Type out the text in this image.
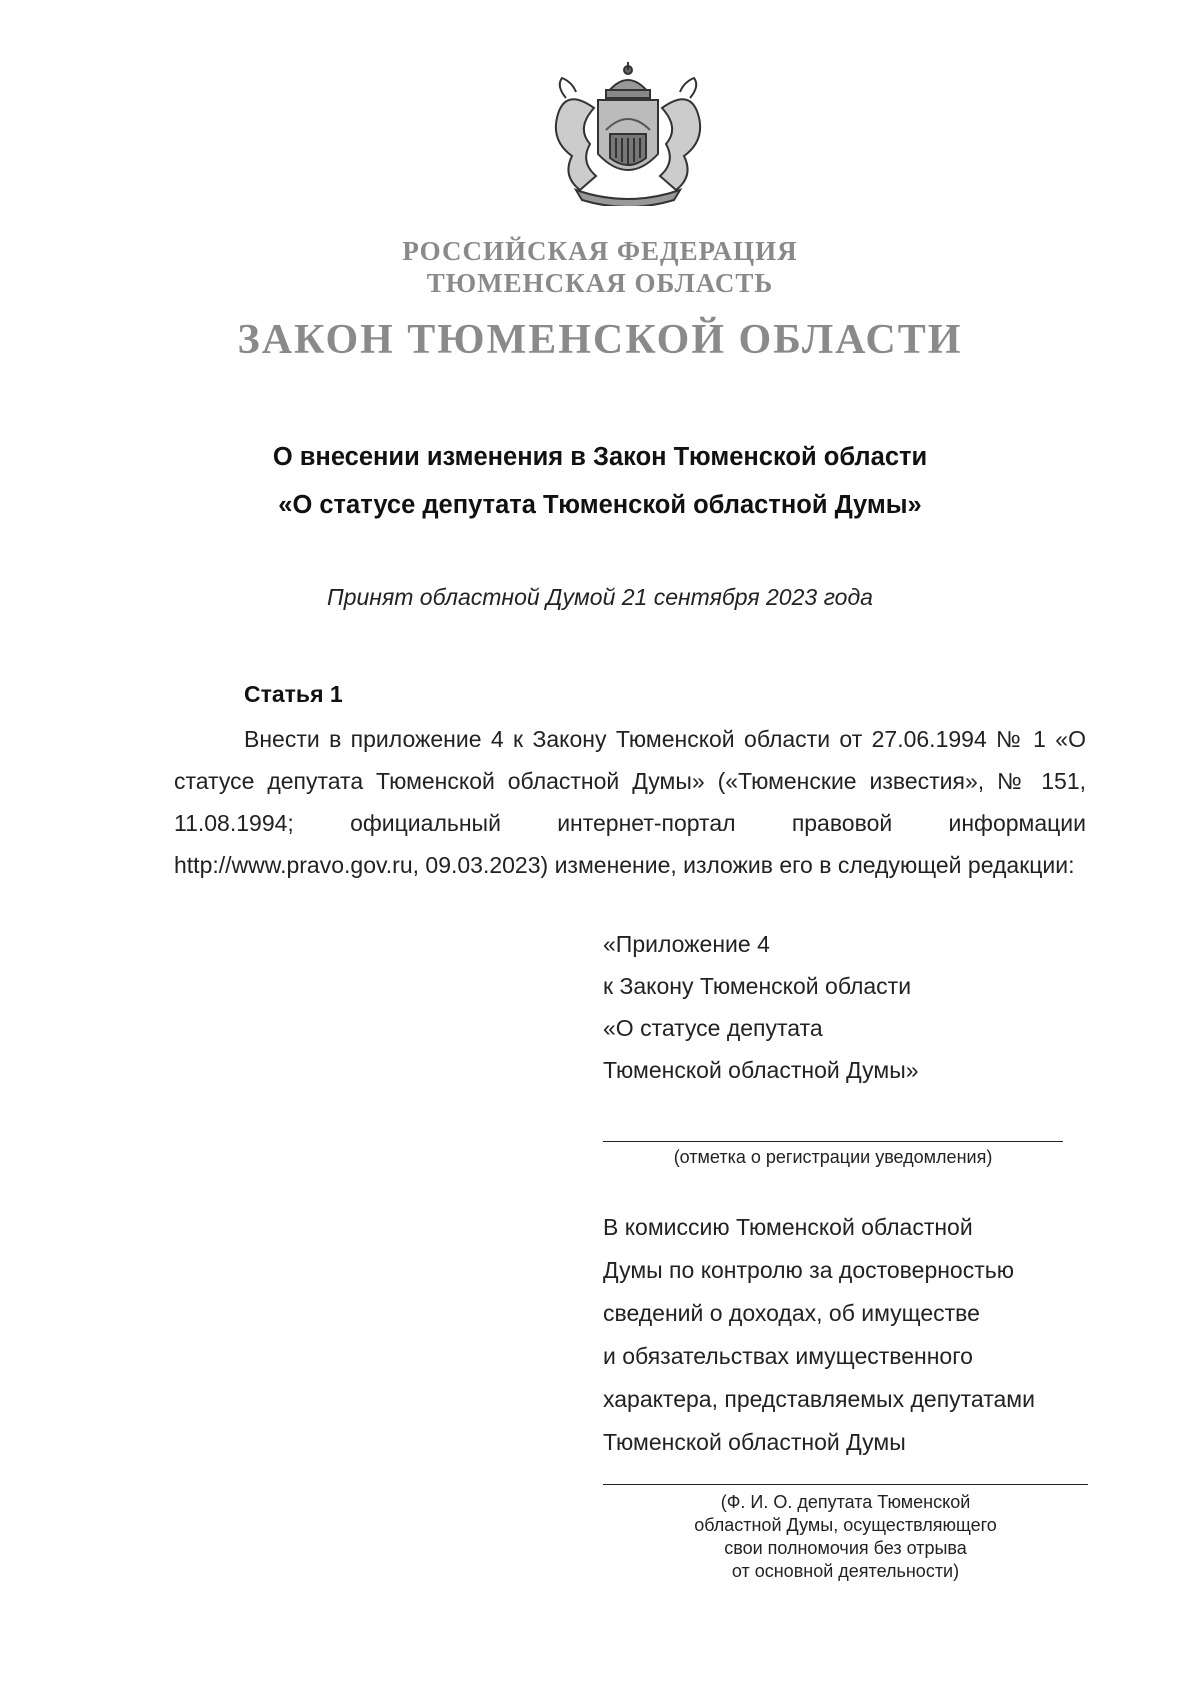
РОССИЙСКАЯ ФЕДЕРАЦИЯ
ТЮМЕНСКАЯ ОБЛАСТЬ
ЗАКОН ТЮМЕНСКОЙ ОБЛАСТИ
О внесении изменения в Закон Тюменской области
«О статусе депутата Тюменской областной Думы»
Принят областной Думой 21 сентября 2023 года
Статья 1

Внести в приложение 4 к Закону Тюменской области от 27.06.1994 № 1 «О статусе депутата Тюменской областной Думы» («Тюменские известия», № 151, 11.08.1994; официальный интернет-портал правовой информации http://www.pravo.gov.ru, 09.03.2023) изменение, изложив его в следующей редакции:

«Приложение 4
к Закону Тюменской области
«О статусе депутата
Тюменской областной Думы»
(отметка о регистрации уведомления)
В комиссию Тюменской областной
Думы по контролю за достоверностью
сведений о доходах, об имуществе
и обязательствах имущественного
характера, представляемых депутатами
Тюменской областной Думы
(Ф. И. О. депутата Тюменской
областной Думы, осуществляющего
свои полномочия без отрыва
от основной деятельности)
